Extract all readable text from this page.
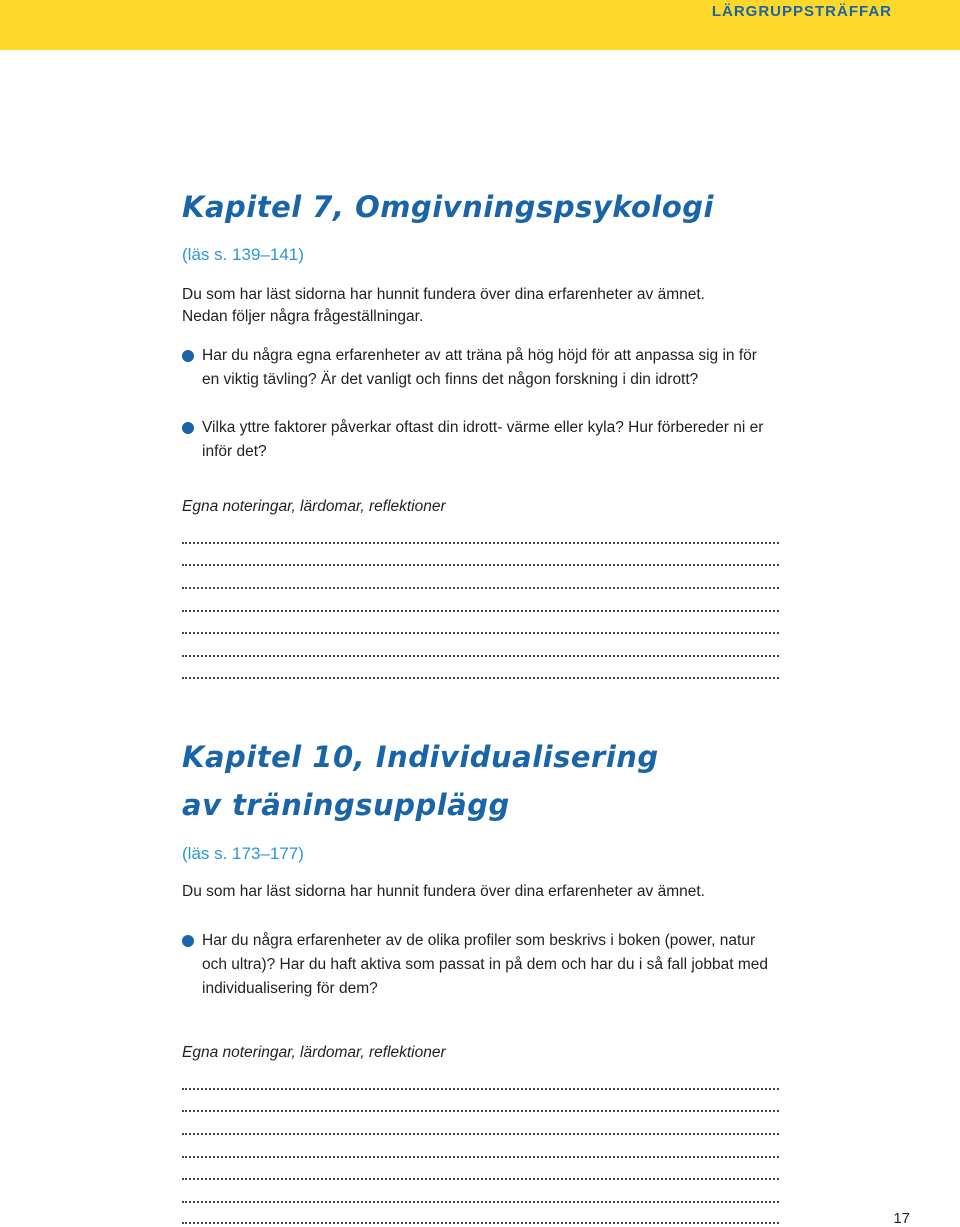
LÄRGRUPPSTRÄFFAR
Kapitel 7, Omgivningspsykologi

(läs s. 139–141)

Du som har läst sidorna har hunnit fundera över dina erfarenheter av ämnet.
Nedan följer några frågeställningar.

Har du några egna erfarenheter av att träna på hög höjd för att anpassa sig in för en viktig tävling? Är det vanligt och finns det någon forskning i din idrott?

Vilka yttre faktorer påverkar oftast din idrott- värme eller kyla? Hur förbereder ni er inför det?

Egna noteringar, lärdomar, reflektioner

Kapitel 10, Individualisering
av träningsupplägg

(läs s. 173–177)

Du som har läst sidorna har hunnit fundera över dina erfarenheter av ämnet.

Har du några erfarenheter av de olika profiler som beskrivs i boken (power, natur och ultra)? Har du haft aktiva som passat in på dem och har du i så fall jobbat med individualisering för dem?

Egna noteringar, lärdomar, reflektioner

17
